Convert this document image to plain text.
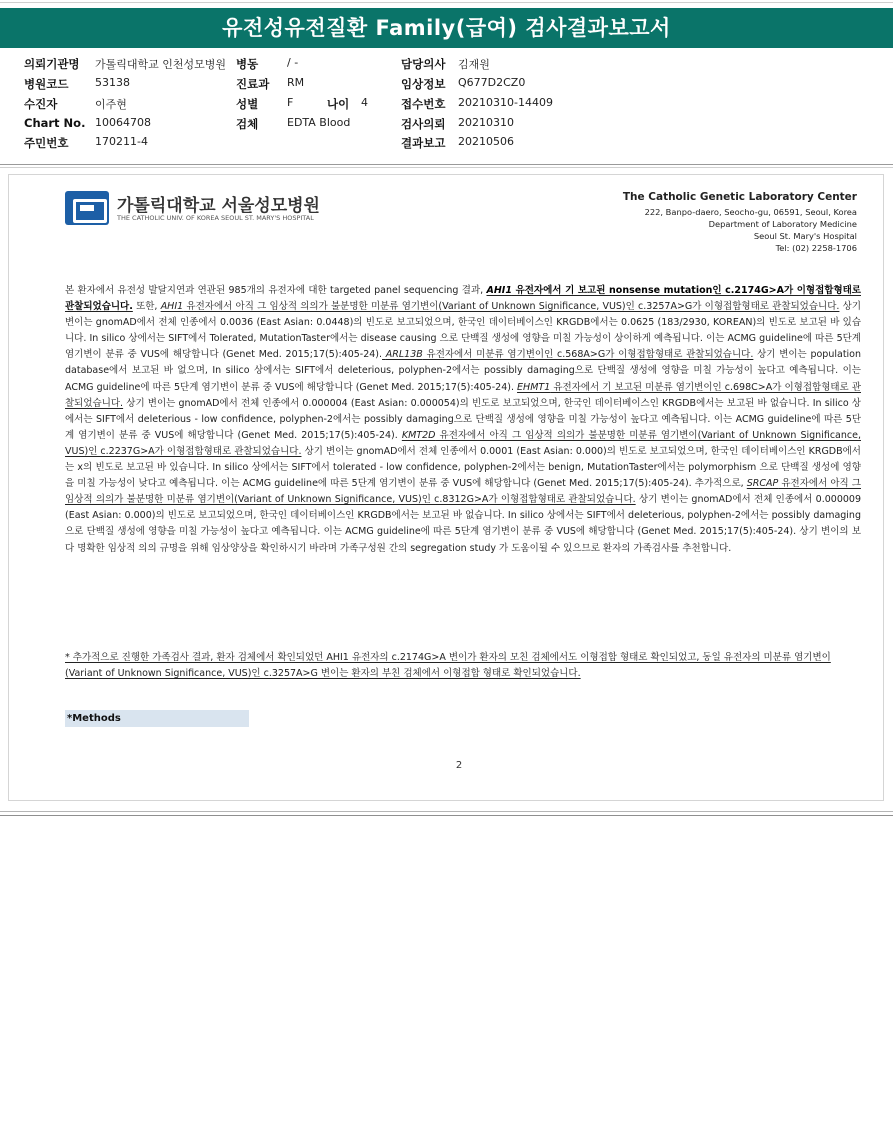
유전성유전질환 Family(급여) 검사결과보고서
의뢰기관명 가톨릭대학교 인천성모병원 병동	/ -	담당의사 김재원
병원코드 53138	진료과 RM	임상정보 Q677D2CZ0
수진자	이주현	성별	F	나이 4	접수번호 20210310-14409
Chart No. 10064708	검체	EDTA Blood	검사의뢰 20210310
주민번호 170211-4	결과보고 20210506
가톨릭대학교 서울성모병원
THE CATHOLIC UNIV. OF KOREA SEOUL ST. MARY'S HOSPITAL
The Catholic Genetic Laboratory Center
222, Banpo-daero, Seocho-gu, 06591, Seoul, Korea
Department of Laboratory Medicine
Seoul St. Mary's Hospital
Tel: (02) 2258-1706
본 환자에서 유전성 발달지연과 연관된 985개의 유전자에 대한 targeted panel sequencing 결과, AHI1 유전자에서 기 보고된 nonsense mutation인 c.2174G>A가 이형접합형태로 관찰되었습니다. 또한, AHI1 유전자에서 아직 그 임상적 의의가 불분명한 미분류 염기변이(Variant of Unknown Significance, VUS)인 c.3257A>G가 이형접합형태로 관찰되었습니다. 상기 변이는 gnomAD에서 전체 인종에서 0.0036 (East Asian: 0.0448)의 빈도로 보고되었으며, 한국인 데이터베이스인 KRGDB에서는 0.0625 (183/2930, KOREAN)의 빈도로 보고된 바 있습니다. In silico 상에서는 SIFT에서 Tolerated, MutationTaster에서는 disease causing 으로 단백질 생성에 영향을 미칠 가능성이 상이하게 예측됩니다. 이는 ACMG guideline에 따른 5단계 염기변이 분류 중 VUS에 해당합니다 (Genet Med. 2015;17(5):405-24). ARL13B 유전자에서 미분류 염기변이인 c.568A>G가 이형접합형태로 관찰되었습니다. 상기 변이는 population database에서 보고된 바 없으며, In silico 상에서는 SIFT에서 deleterious, polyphen-2에서는 possibly damaging으로 단백질 생성에 영향을 미칠 가능성이 높다고 예측됩니다. 이는 ACMG guideline에 따른 5단계 염기변이 분류 중 VUS에 해당합니다 (Genet Med. 2015;17(5):405-24). EHMT1 유전자에서 기 보고된 미분류 염기변이인 c.698C>A가 이형접합형태로 관찰되었습니다. 상기 변이는 gnomAD에서 전체 인종에서 0.000004 (East Asian: 0.000054)의 빈도로 보고되었으며, 한국인 데이터베이스인 KRGDB에서는 보고된 바 없습니다. In silico 상에서는 SIFT에서 deleterious - low confidence, polyphen-2에서는 possibly damaging으로 단백질 생성에 영향을 미칠 가능성이 높다고 예측됩니다. 이는 ACMG guideline에 따른 5단계 염기변이 분류 중 VUS에 해당합니다 (Genet Med. 2015;17(5):405-24). KMT2D 유전자에서 아직 그 임상적 의의가 불분명한 미분류 염기변이(Variant of Unknown Significance, VUS)인 c.2237G>A가 이형접합형태로 관찰되었습니다. 상기 변이는 gnomAD에서 전체 인종에서 0.0001 (East Asian: 0.000)의 빈도로 보고되었으며, 한국인 데이터베이스인 KRGDB에서는 x의 빈도로 보고된 바 있습니다. In silico 상에서는 SIFT에서 tolerated - low confidence, polyphen-2에서는 benign, MutationTaster에서는 polymorphism 으로 단백질 생성에 영향을 미칠 가능성이 낮다고 예측됩니다. 이는 ACMG guideline에 따른 5단계 염기변이 분류 중 VUS에 해당합니다 (Genet Med. 2015;17(5):405-24). 추가적으로, SRCAP 유전자에서 아직 그 임상적 의의가 불분명한 미분류 염기변이(Variant of Unknown Significance, VUS)인 c.8312G>A가 이형접합형태로 관찰되었습니다. 상기 변이는 gnomAD에서 전체 인종에서 0.000009 (East Asian: 0.000)의 빈도로 보고되었으며, 한국인 데이터베이스인 KRGDB에서는 보고된 바 없습니다. In silico 상에서는 SIFT에서 deleterious, polyphen-2에서는 possibly damaging으로 단백질 생성에 영향을 미칠 가능성이 높다고 예측됩니다. 이는 ACMG guideline에 따른 5단계 염기변이 분류 중 VUS에 해당합니다 (Genet Med. 2015;17(5):405-24). 상기 변이의 보다 명확한 임상적 의의 규명을 위해 임상양상을 확인하시기 바라며 가족구성원 간의 segregation study 가 도움이될 수 있으므로 환자의 가족검사를 추천합니다.
* 추가적으로 진행한 가족검사 결과, 환자 검체에서 확인되었던 AHI1 유전자의 c.2174G>A 변이가 환자의 모친 검체에서도 이형접합 형태로 확인되었고, 동일 유전자의 미분류 염기변이(Variant of Unknown Significance, VUS)인 c.3257A>G 변이는 환자의 부친 검체에서 이형접합 형태로 확인되었습니다.
*Methods
2
